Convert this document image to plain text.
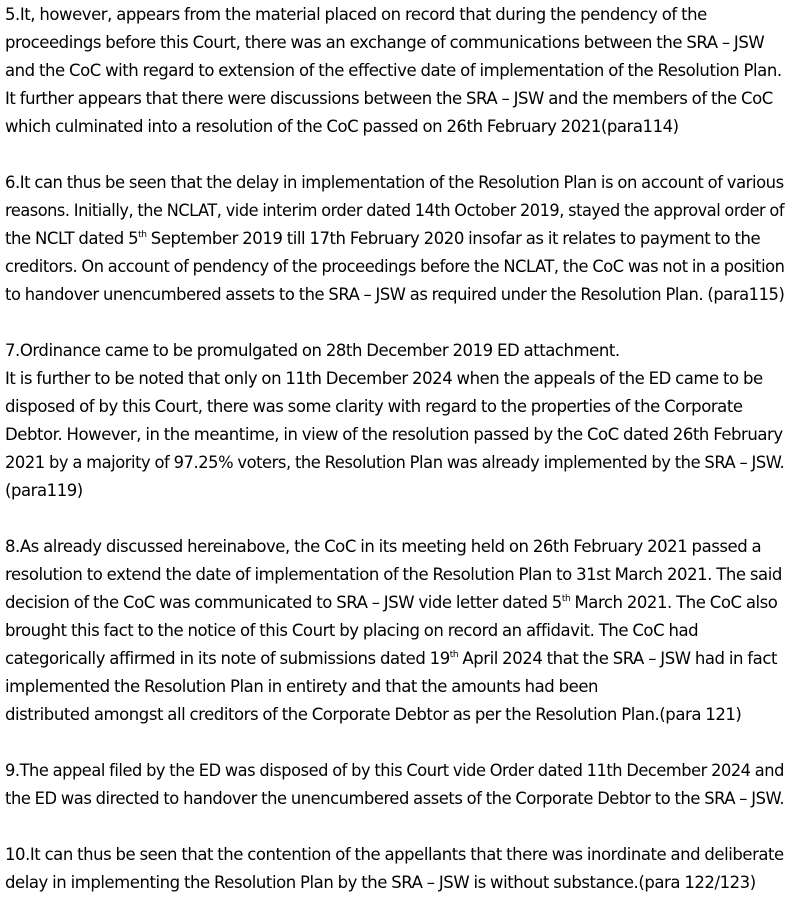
5.It, however, appears from the material placed on record that during the pendency of the
proceedings before this Court, there was an exchange of communications between the SRA – JSW
and the CoC with regard to extension of the effective date of implementation of the Resolution Plan.
It further appears that there were discussions between the SRA – JSW and the members of the CoC
which culminated into a resolution of the CoC passed on 26th February 2021(para114)
6.It can thus be seen that the delay in implementation of the Resolution Plan is on account of various
reasons. Initially, the NCLAT, vide interim order dated 14th October 2019, stayed the approval order of
the NCLT dated 5th September 2019 till 17th February 2020 insofar as it relates to payment to the
creditors. On account of pendency of the proceedings before the NCLAT, the CoC was not in a position
to handover unencumbered assets to the SRA – JSW as required under the Resolution Plan. (para115)
7.Ordinance came to be promulgated on 28th December 2019 ED attachment.
It is further to be noted that only on 11th December 2024 when the appeals of the ED came to be
disposed of by this Court, there was some clarity with regard to the properties of the Corporate
Debtor. However, in the meantime, in view of the resolution passed by the CoC dated 26th February
2021 by a majority of 97.25% voters, the Resolution Plan was already implemented by the SRA – JSW.
(para119)
8.As already discussed hereinabove, the CoC in its meeting held on 26th February 2021 passed a
resolution to extend the date of implementation of the Resolution Plan to 31st March 2021. The said
decision of the CoC was communicated to SRA – JSW vide letter dated 5th March 2021. The CoC also
brought this fact to the notice of this Court by placing on record an affidavit. The CoC had
categorically affirmed in its note of submissions dated 19th April 2024 that the SRA – JSW had in fact
implemented the Resolution Plan in entirety and that the amounts had been
distributed amongst all creditors of the Corporate Debtor as per the Resolution Plan.(para 121)
9.The appeal filed by the ED was disposed of by this Court vide Order dated 11th December 2024 and
the ED was directed to handover the unencumbered assets of the Corporate Debtor to the SRA – JSW.
10.It can thus be seen that the contention of the appellants that there was inordinate and deliberate
delay in implementing the Resolution Plan by the SRA – JSW is without substance.(para 122/123)
